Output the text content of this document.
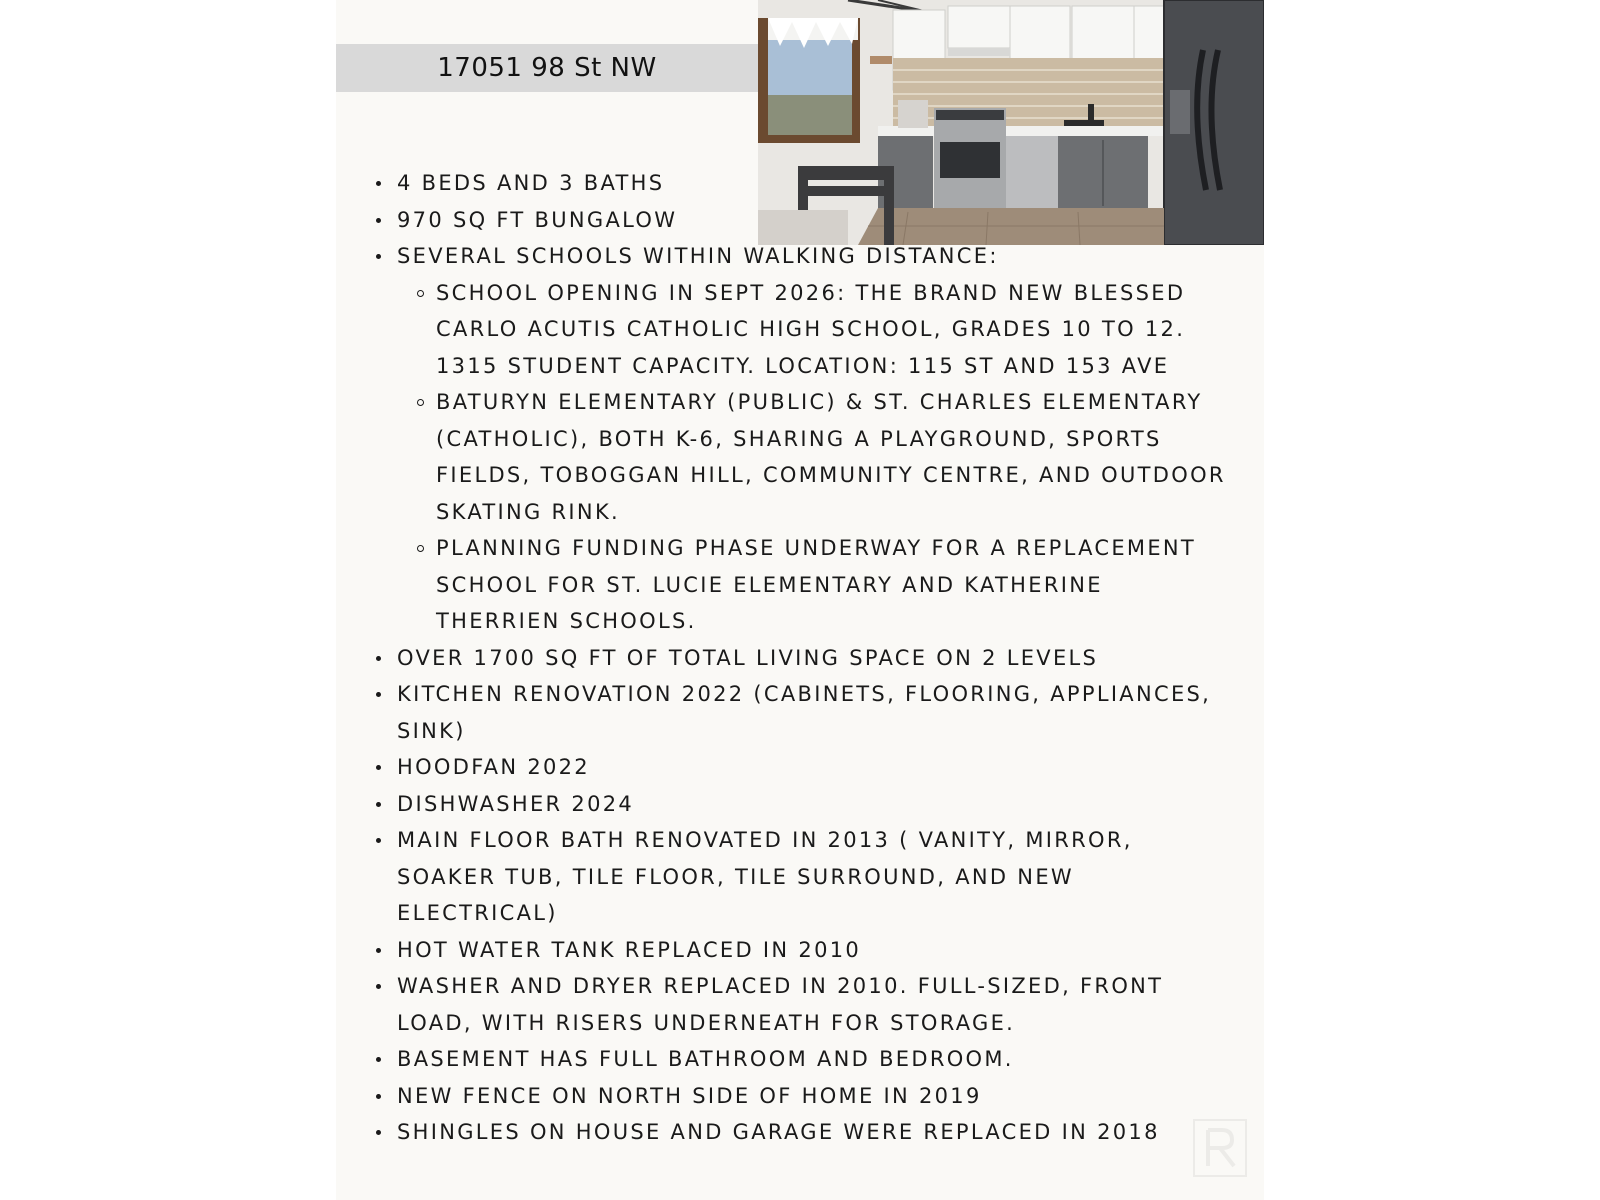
17051 98 St NW
4 BEDS AND 3 BATHS
970 SQ FT BUNGALOW
SEVERAL SCHOOLS WITHIN WALKING DISTANCE:
SCHOOL OPENING IN SEPT 2026: THE BRAND NEW BLESSED CARLO ACUTIS CATHOLIC HIGH SCHOOL, GRADES 10 TO 12. 1315 STUDENT CAPACITY. LOCATION: 115 ST AND 153 AVE
BATURYN ELEMENTARY (PUBLIC) & ST. CHARLES ELEMENTARY (CATHOLIC), BOTH K-6, SHARING A PLAYGROUND, SPORTS FIELDS, TOBOGGAN HILL, COMMUNITY CENTRE, AND OUTDOOR SKATING RINK.
PLANNING FUNDING PHASE UNDERWAY FOR A REPLACEMENT SCHOOL FOR ST. LUCIE ELEMENTARY AND KATHERINE THERRIEN SCHOOLS.
OVER 1700 SQ FT OF TOTAL LIVING SPACE ON 2 LEVELS
KITCHEN RENOVATION 2022 (CABINETS, FLOORING, APPLIANCES, SINK)
HOODFAN 2022
DISHWASHER 2024
MAIN FLOOR BATH RENOVATED IN 2013 ( VANITY, MIRROR, SOAKER TUB, TILE FLOOR, TILE SURROUND, AND NEW ELECTRICAL)
HOT WATER TANK REPLACED IN 2010
WASHER AND DRYER REPLACED IN 2010. FULL-SIZED, FRONT LOAD, WITH RISERS UNDERNEATH FOR STORAGE.
BASEMENT HAS FULL BATHROOM AND BEDROOM.
NEW FENCE ON NORTH SIDE OF HOME IN 2019
SHINGLES ON HOUSE AND GARAGE WERE REPLACED IN 2018
